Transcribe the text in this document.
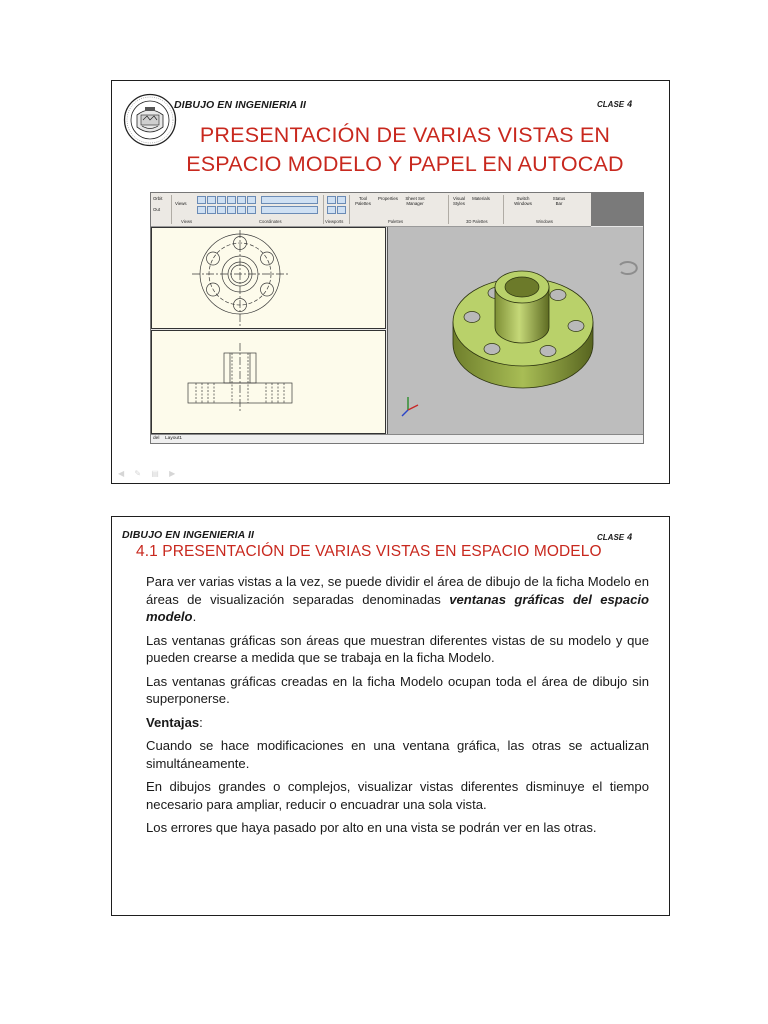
DIBUJO EN INGENIERIA II	CLASE 4
PRESENTACIÓN DE VARIAS VISTAS EN
ESPACIO MODELO Y PAPEL EN AUTOCAD
Orbit
Out
Views
Tool Palettes
Properties	Sheet Set Manager
Visual Styles
Materials	Switch Windows
Status Bar
Views	Coordinates	Viewports	Palettes	3D Palettes	Windows
del Layout1
◀ ✎ ▤ ▶
DIBUJO EN INGENIERIA II	CLASE 4
4.1 PRESENTACIÓN DE VARIAS VISTAS EN ESPACIO MODELO

Para ver varias vistas a la vez, se puede dividir el área de dibujo de la ficha Modelo en áreas de visualización separadas denominadas ventanas gráficas del espacio modelo.

Las ventanas gráficas son áreas que muestran diferentes vistas de su modelo y que pueden crearse a medida que se trabaja en la ficha Modelo.

Las ventanas gráficas creadas en la ficha Modelo ocupan toda el área de dibujo sin superponerse.

Ventajas:

Cuando se hace modificaciones en una ventana gráfica, las otras se actualizan simultáneamente.

En dibujos grandes o complejos, visualizar vistas diferentes disminuye el tiempo necesario para ampliar, reducir o encuadrar una sola vista.

Los errores que haya pasado por alto en una vista se podrán ver en las otras.
